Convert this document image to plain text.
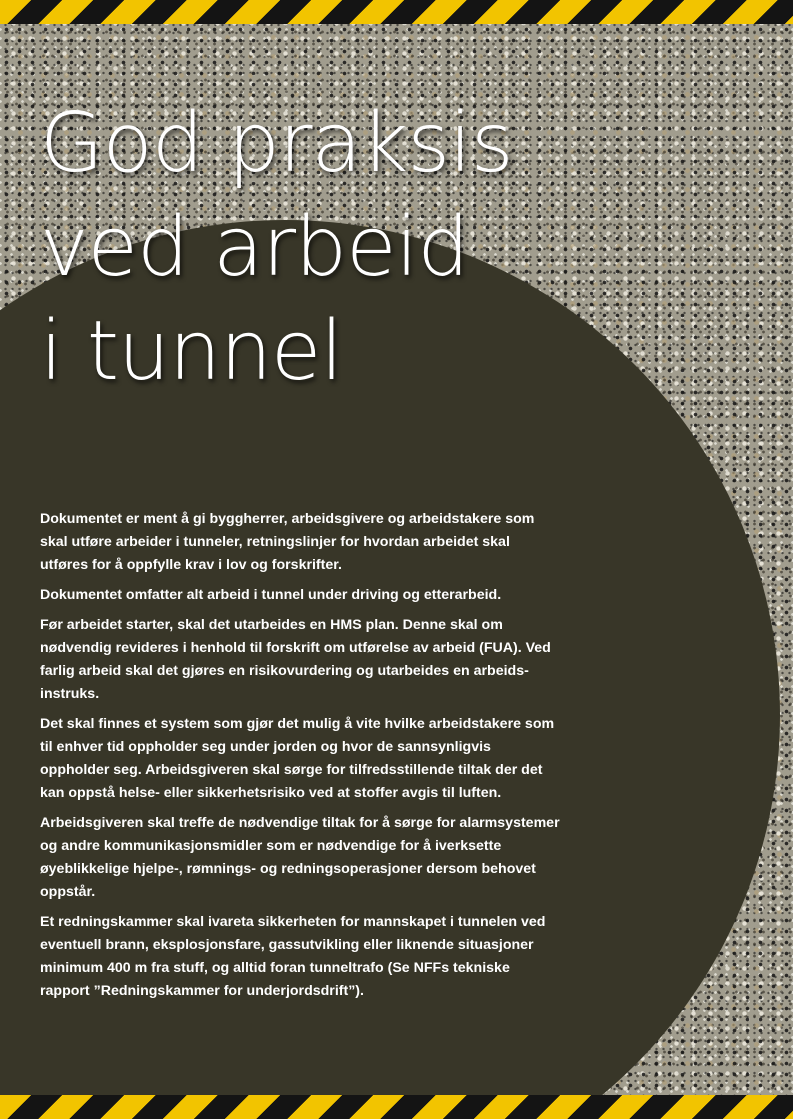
God praksis
ved arbeid
i tunnel

Dokumentet er ment å gi byggherrer, arbeidsgivere og arbeidstakere som skal utføre arbeider i tunneler, retningslinjer for hvordan arbeidet skal utføres for å oppfylle krav i lov og forskrifter.

Dokumentet omfatter alt arbeid i tunnel under driving og etterarbeid.

Før arbeidet starter, skal det utarbeides en HMS plan. Denne skal om nødvendig revideres i henhold til forskrift om utførelse av arbeid (FUA). Ved farlig arbeid skal det gjøres en risikovurdering og utarbeides en arbeids-instruks.

Det skal finnes et system som gjør det mulig å vite hvilke arbeidstakere som til enhver tid oppholder seg under jorden og hvor de sannsynligvis oppholder seg. Arbeidsgiveren skal sørge for tilfredsstillende tiltak der det kan oppstå helse- eller sikkerhetsrisiko ved at stoffer avgis til luften.

Arbeidsgiveren skal treffe de nødvendige tiltak for å sørge for alarmsystemer og andre kommunikasjonsmidler som er nødvendige for å iverksette øyeblikkelige hjelpe-, rømnings- og redningsoperasjoner dersom behovet oppstår.

Et redningskammer skal ivareta sikkerheten for mannskapet i tunnelen ved eventuell brann, eksplosjonsfare, gassutvikling eller liknende situasjoner minimum 400 m fra stuff, og alltid foran tunneltrafo (Se NFFs tekniske rapport ”Redningskammer for underjordsdrift”).
